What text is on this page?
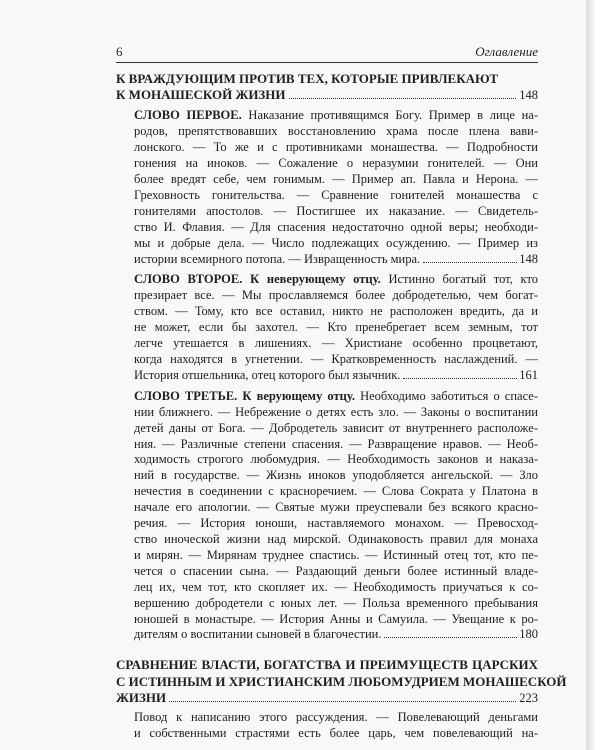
6	Оглавление
К ВРАЖДУЮЩИМ ПРОТИВ ТЕХ, КОТОРЫЕ ПРИВЛЕКАЮТ
К МОНАШЕСКОЙ ЖИЗНИ	148
СЛОВО ПЕРВОЕ. Наказание противящимся Богу. Пример в лице на-
родов, препятствовавших восстановлению храма после плена вави-
лонского. — То же и с противниками монашества. — Подробности
гонения на иноков. — Сожаление о неразумии гонителей. — Они
более вредят себе, чем гонимым. — Пример ап. Павла и Нерона. —
Греховность гонительства. — Сравнение гонителей монашества с
гонителями апостолов. — Постигшее их наказание. — Свидетель-
ство И. Флавия. — Для спасения недостаточно одной веры; необходи-
мы и добрые дела. — Число подлежащих осуждению. — Пример из
истории всемирного потопа. — Извращенность мира.	148
СЛОВО ВТОРОЕ. К неверующему отцу. Истинно богатый тот, кто
презирает все. — Мы прославляемся более добродетелью, чем богат-
ством. — Тому, кто все оставил, никто не расположен вредить, да и
не может, если бы захотел. — Кто пренебрегает всем земным, тот
легче утешается в лишениях. — Христиане особенно процветают,
когда находятся в угнетении. — Кратковременность наслаждений. —
История отшельника, отец которого был язычник.	161
СЛОВО ТРЕТЬЕ. К верующему отцу. Необходимо заботиться о спасе-
нии ближнего. — Небрежение о детях есть зло. — Законы о воспитании
детей даны от Бога. — Добродетель зависит от внутреннего расположе-
ния. — Различные степени спасения. — Развращение нравов. — Необ-
ходимость строгого любомудрия. — Необходимость законов и наказа-
ний в государстве. — Жизнь иноков уподобляется ангельской. — Зло
нечестия в соединении с красноречием. — Слова Сократа у Платона в
начале его апологии. — Святые мужи преуспевали без всякого красно-
речия. — История юноши, наставляемого монахом. — Превосход-
ство иноческой жизни над мирской. Одинаковость правил для монаха
и мирян. — Мирянам труднее спастись. — Истинный отец тот, кто пе-
чется о спасении сына. — Раздающий деньги более истинный владе-
лец их, чем тот, кто скопляет их. — Необходимость приучаться к со-
вершению добродетели с юных лет. — Польза временного пребывания
юношей в монастыре. — История Анны и Самуила. — Увещание к ро-
дителям о воспитании сыновей в благочестии.	180
СРАВНЕНИЕ ВЛАСТИ, БОГАТСТВА И ПРЕИМУЩЕСТВ ЦАРСКИХ
С ИСТИННЫМ И ХРИСТИАНСКИМ ЛЮБОМУДРИЕМ МОНАШЕСКОЙ
ЖИЗНИ	223
Повод к написанию этого рассуждения. — Повелевающий деньгами
и собственными страстями есть более царь, чем повелевающий на-
